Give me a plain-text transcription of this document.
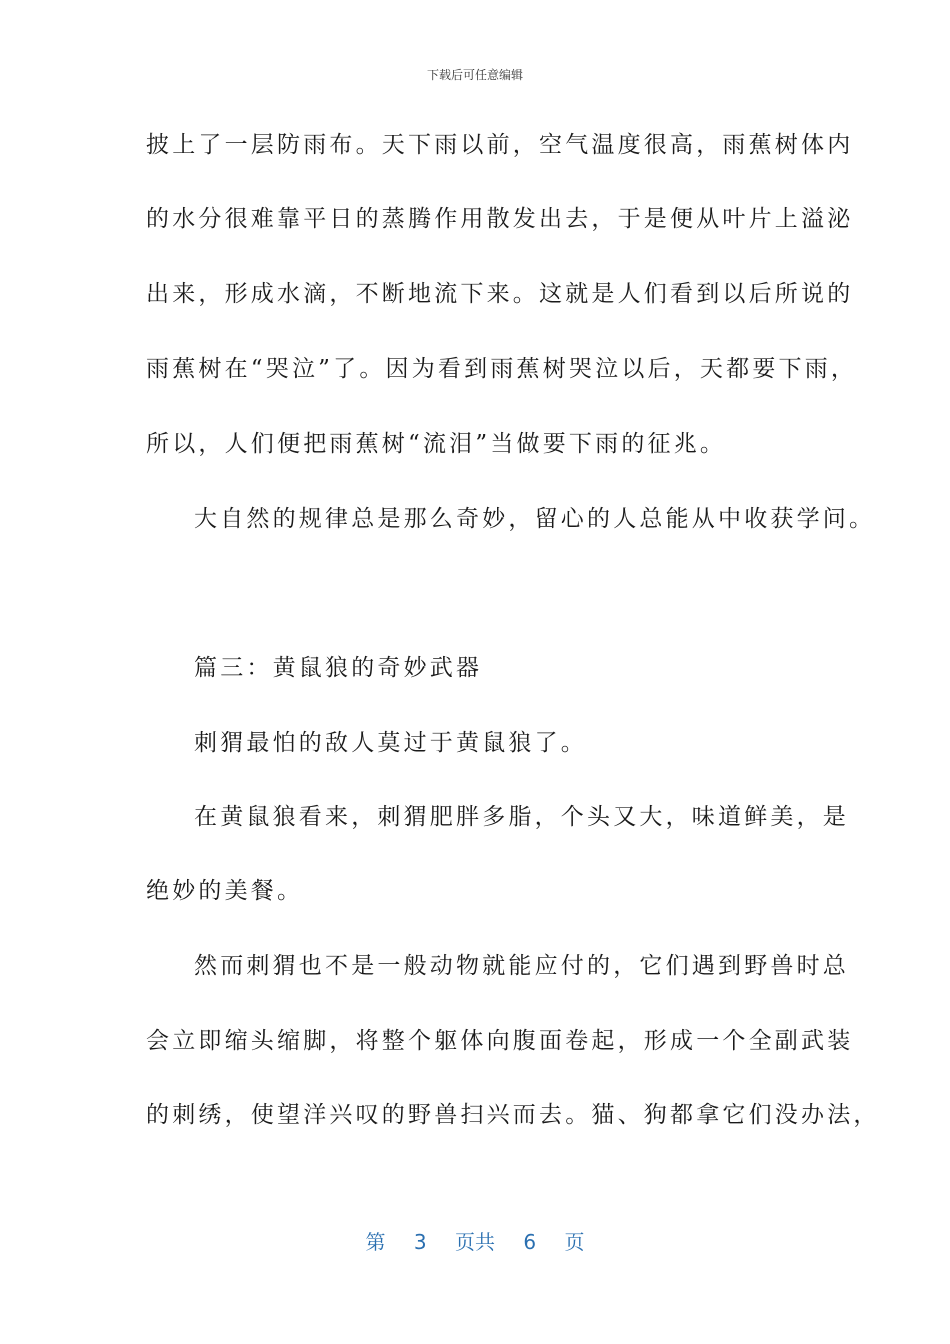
下载后可任意编辑
披上了一层防雨布。天下雨以前，空气温度很高，雨蕉树体内
的水分很难靠平日的蒸腾作用散发出去，于是便从叶片上溢泌
出来，形成水滴，不断地流下来。这就是人们看到以后所说的
雨蕉树在“哭泣”了。因为看到雨蕉树哭泣以后，天都要下雨，
所以，人们便把雨蕉树“流泪”当做要下雨的征兆。
大自然的规律总是那么奇妙，留心的人总能从中收获学问。
篇三：黄鼠狼的奇妙武器
刺猬最怕的敌人莫过于黄鼠狼了。
在黄鼠狼看来，刺猬肥胖多脂，个头又大，味道鲜美，是
绝妙的美餐。
然而刺猬也不是一般动物就能应付的，它们遇到野兽时总
会立即缩头缩脚，将整个躯体向腹面卷起，形成一个全副武装
的刺绣，使望洋兴叹的野兽扫兴而去。猫、狗都拿它们没办法，
第 3 页共 6 页
